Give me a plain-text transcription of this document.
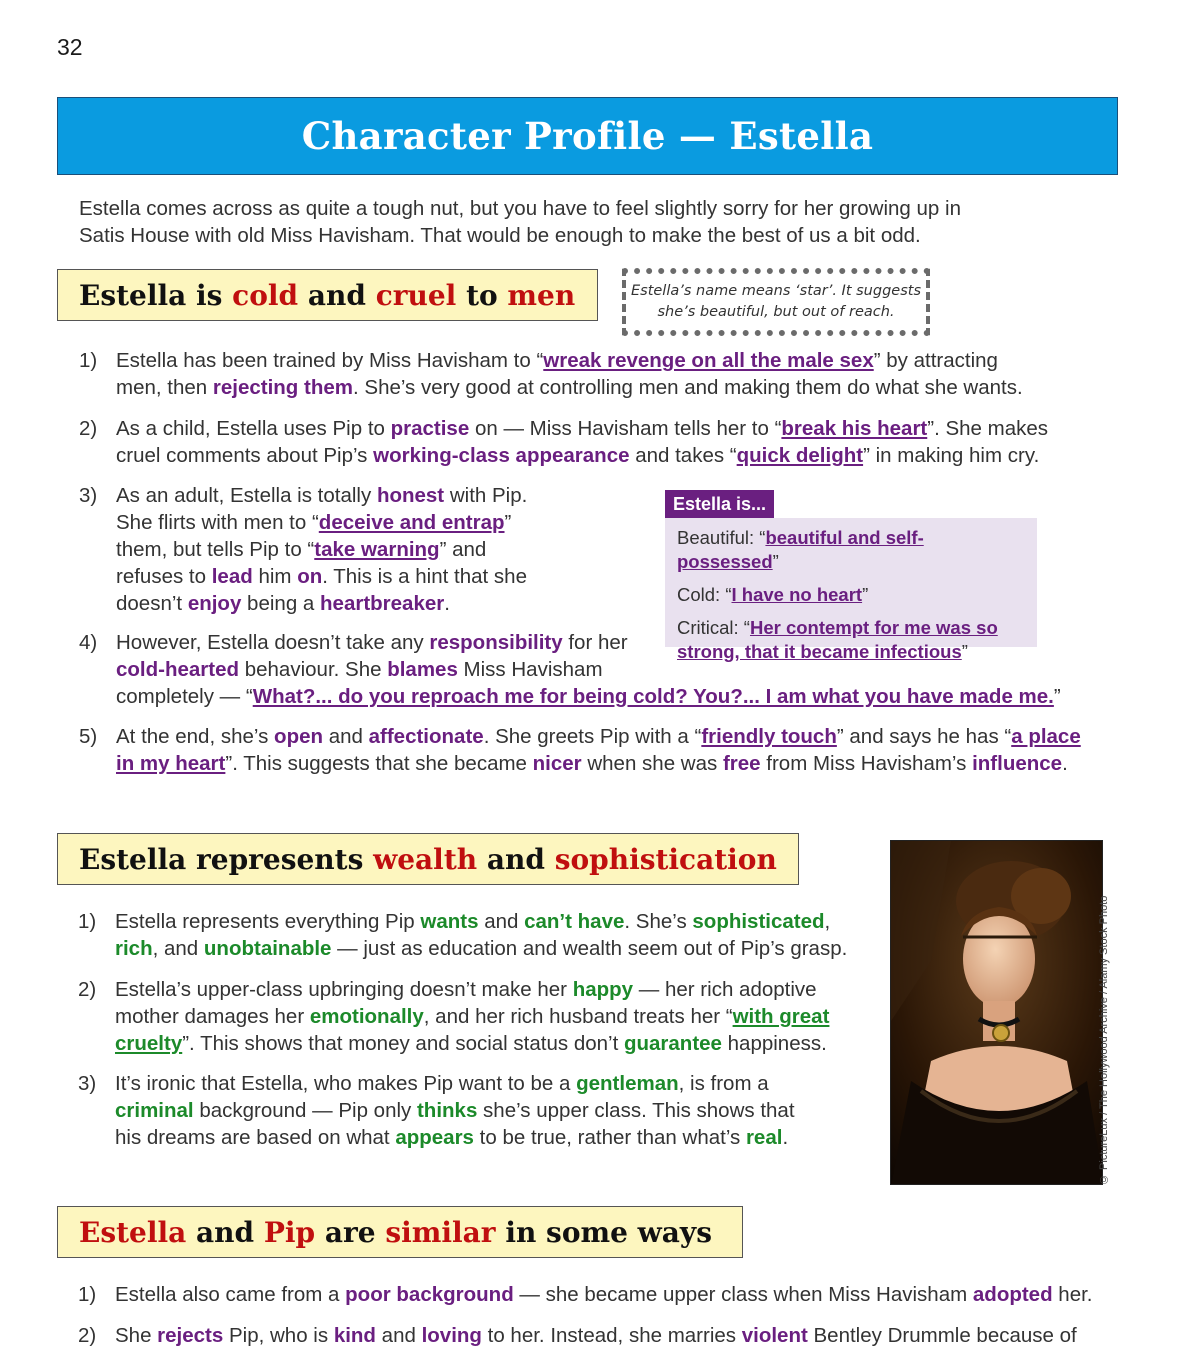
32
Character Profile — Estella

Estella comes across as quite a tough nut, but you have to feel slightly sorry for her growing up in

Satis House with old Miss Havisham. That would be enough to make the best of us a bit odd.

Estella is
cold
and
cruel
to
men	Estella’s name means ‘star’. It suggests
she’s beautiful, but out of reach.
1) Estella has been trained by Miss Havisham to “wreak revenge on all the male sex” by attracting
men, then rejecting them. She’s very good at controlling men and making them do what she wants.
2) As a child, Estella uses Pip to practise on — Miss Havisham tells her to “break his heart”. She makes
cruel comments about Pip’s working-class appearance and takes “quick delight” in making him cry.
3) As an adult, Estella is totally honest with Pip.
She flirts with men to “deceive and entrap”
them, but tells Pip to “take warning” and
refuses to lead him on. This is a hint that she
doesn’t enjoy being a heartbreaker.
4) However, Estella doesn’t take any responsibility for her
cold-hearted behaviour. She blames Miss Havisham
completely — “What?... do you reproach me for being cold? You?... I am what you have made me.”
5) At the end, she’s open and affectionate. She greets Pip with a “friendly touch” and says he has “a place
in my heart”. This suggests that she became nicer when she was free from Miss Havisham’s influence.
Estella is...
Beautiful: “beautiful and self-possessed”
Cold: “I have no heart”
Critical: “Her contempt for me was so
strong, that it became infectious”
Estella represents
wealth
and
sophistication
1) Estella represents everything Pip wants and can’t have. She’s sophisticated,
rich, and unobtainable — just as education and wealth seem out of Pip’s grasp.
2) Estella’s upper-class upbringing doesn’t make her happy — her rich adoptive
mother damages her emotionally, and her rich husband treats her “with great
cruelty”. This shows that money and social status don’t guarantee happiness.
3) It’s ironic that Estella, who makes Pip want to be a gentleman, is from a
criminal background — Pip only thinks she’s upper class. This shows that
his dreams are based on what appears to be true, rather than what’s real.	© PictureLux / The Hollywood Archive / Alamy Stock Photo
Estella
and
Pip
are
similar
in some ways
1) Estella also came from a poor background — she became upper class when Miss Havisham adopted her.
2) She rejects Pip, who is kind and loving to her. Instead, she marries violent Bentley Drummle because of
